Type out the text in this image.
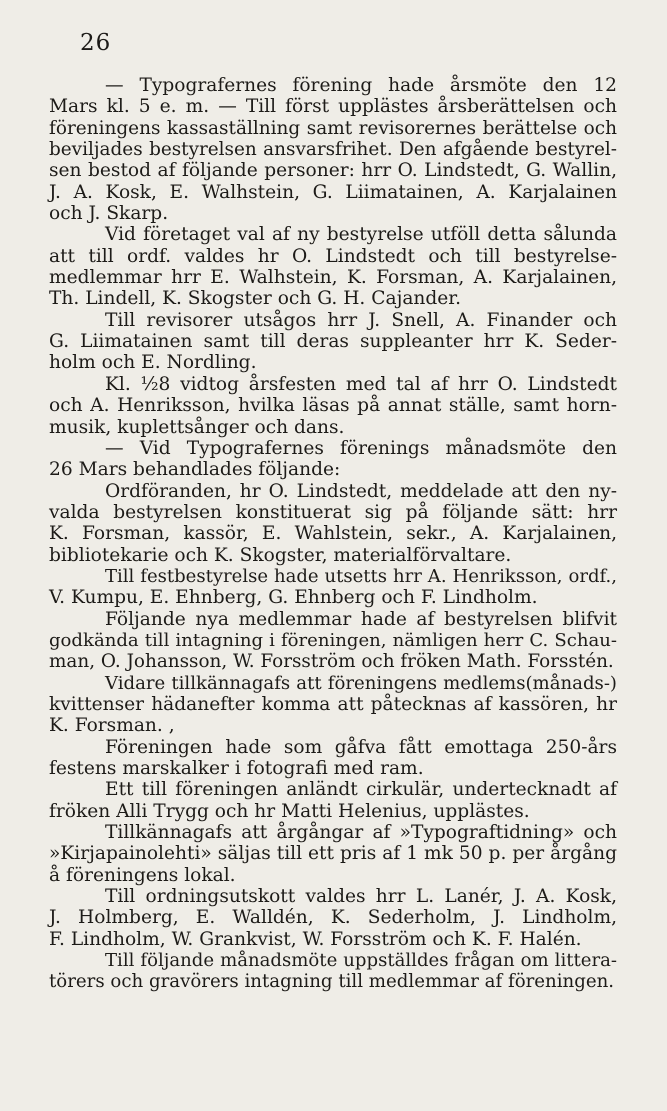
26
— Typografernes förening hade årsmöte den 12
Mars kl. 5 e. m. — Till först upplästes årsberättelsen och
föreningens kassaställning samt revisorernes berättelse och
beviljades bestyrelsen ansvarsfrihet. Den afgående bestyrel-
sen bestod af följande personer: hrr O. Lindstedt, G. Wallin,
J. A. Kosk, E. Walhstein, G. Liimatainen, A. Karjalainen
och J. Skarp.
Vid företaget val af ny bestyrelse utföll detta sålunda
att till ordf. valdes hr O. Lindstedt och till bestyrelse-
medlemmar hrr E. Walhstein, K. Forsman, A. Karjalainen,
Th. Lindell, K. Skogster och G. H. Cajander.
Till revisorer utsågos hrr J. Snell, A. Finander och
G. Liimatainen samt till deras suppleanter hrr K. Seder-
holm och E. Nordling.
Kl. ½8 vidtog årsfesten med tal af hrr O. Lindstedt
och A. Henriksson, hvilka läsas på annat ställe, samt horn-
musik, kuplettsånger och dans.
— Vid Typografernes förenings månadsmöte den
26 Mars behandlades följande:
Ordföranden, hr O. Lindstedt, meddelade att den ny-
valda bestyrelsen konstituerat sig på följande sätt: hrr
K. Forsman, kassör, E. Wahlstein, sekr., A. Karjalainen,
bibliotekarie och K. Skogster, materialförvaltare.
Till festbestyrelse hade utsetts hrr A. Henriksson, ordf.,
V. Kumpu, E. Ehnberg, G. Ehnberg och F. Lindholm.
Följande nya medlemmar hade af bestyrelsen blifvit
godkända till intagning i föreningen, nämligen herr C. Schau-
man, O. Johansson, W. Forsström och fröken Math. Forsstén.
Vidare tillkännagafs att föreningens medlems(månads-)
kvittenser hädanefter komma att påtecknas af kassören, hr
K. Forsman. ,
Föreningen hade som gåfva fått emottaga 250-års
festens marskalker i fotografi med ram.
Ett till föreningen anländt cirkulär, undertecknadt af
fröken Alli Trygg och hr Matti Helenius, upplästes.
Tillkännagafs att årgångar af »Typograftidning» och
»Kirjapainolehti» säljas till ett pris af 1 mk 50 p. per årgång
å föreningens lokal.
Till ordningsutskott valdes hrr L. Lanér, J. A. Kosk,
J. Holmberg, E. Walldén, K. Sederholm, J. Lindholm,
F. Lindholm, W. Grankvist, W. Forsström och K. F. Halén.
Till följande månadsmöte uppställdes frågan om littera-
törers och gravörers intagning till medlemmar af föreningen.
